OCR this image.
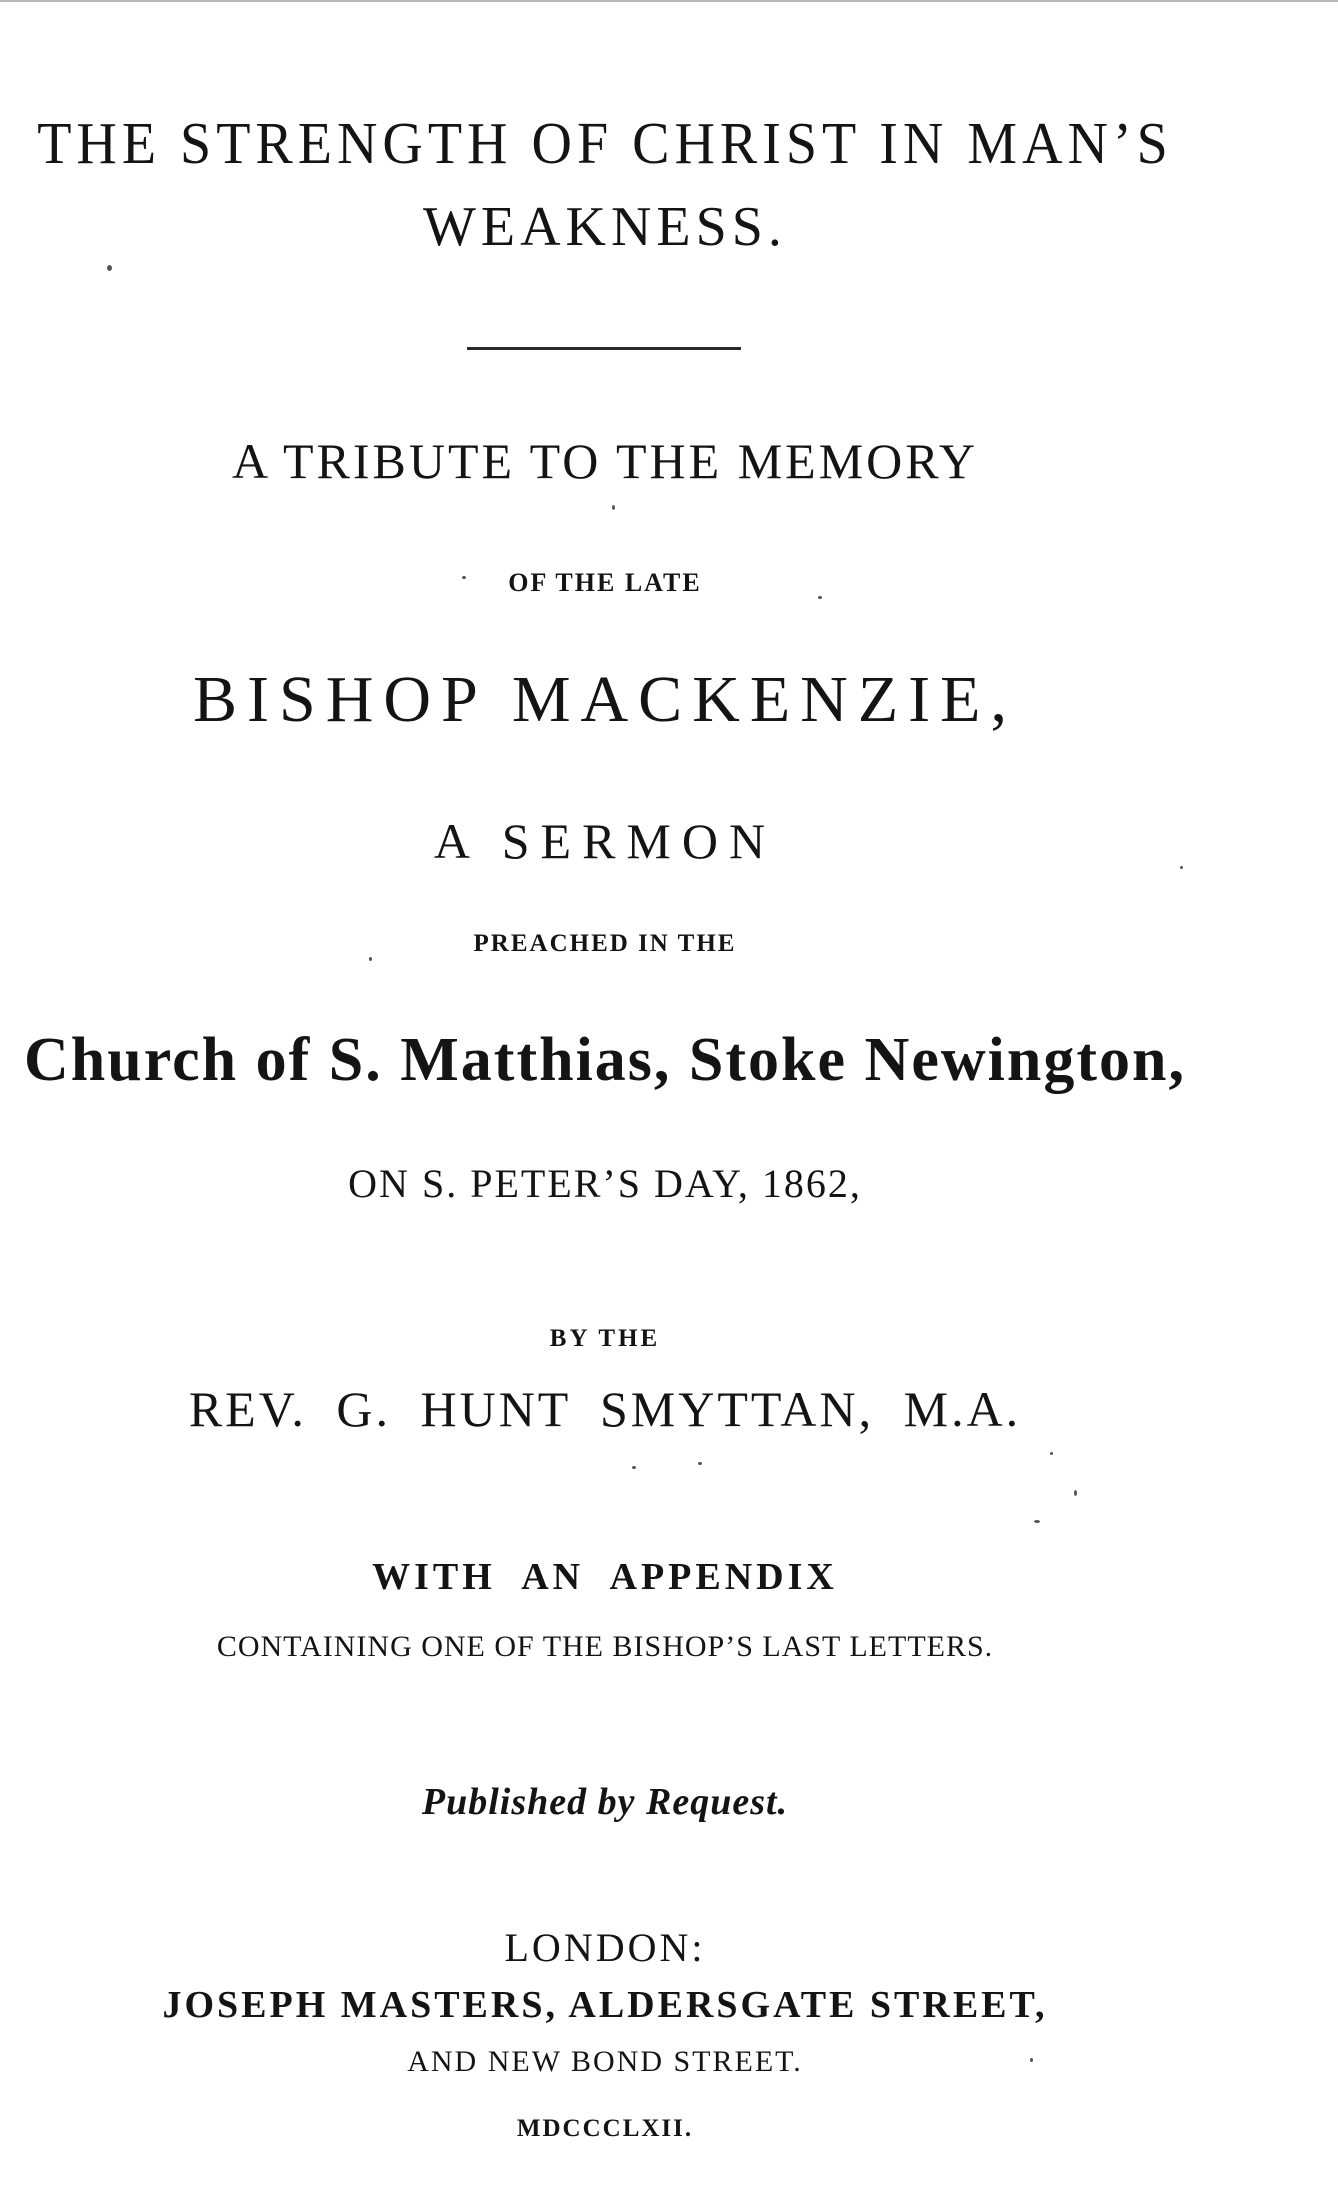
THE STRENGTH OF CHRIST IN MAN’S
WEAKNESS.
A TRIBUTE TO THE MEMORY
OF THE LATE
BISHOP MACKENZIE,
A SERMON
PREACHED IN THE
Church of S. Matthias, Stoke Newington,
ON S. PETER’S DAY, 1862,
BY THE
REV. G. HUNT SMYTTAN, M.A.
WITH AN APPENDIX
CONTAINING ONE OF THE BISHOP’S LAST LETTERS.
Published by Request.
LONDON:
JOSEPH MASTERS, ALDERSGATE STREET,
AND NEW BOND STREET.
MDCCCLXII.
